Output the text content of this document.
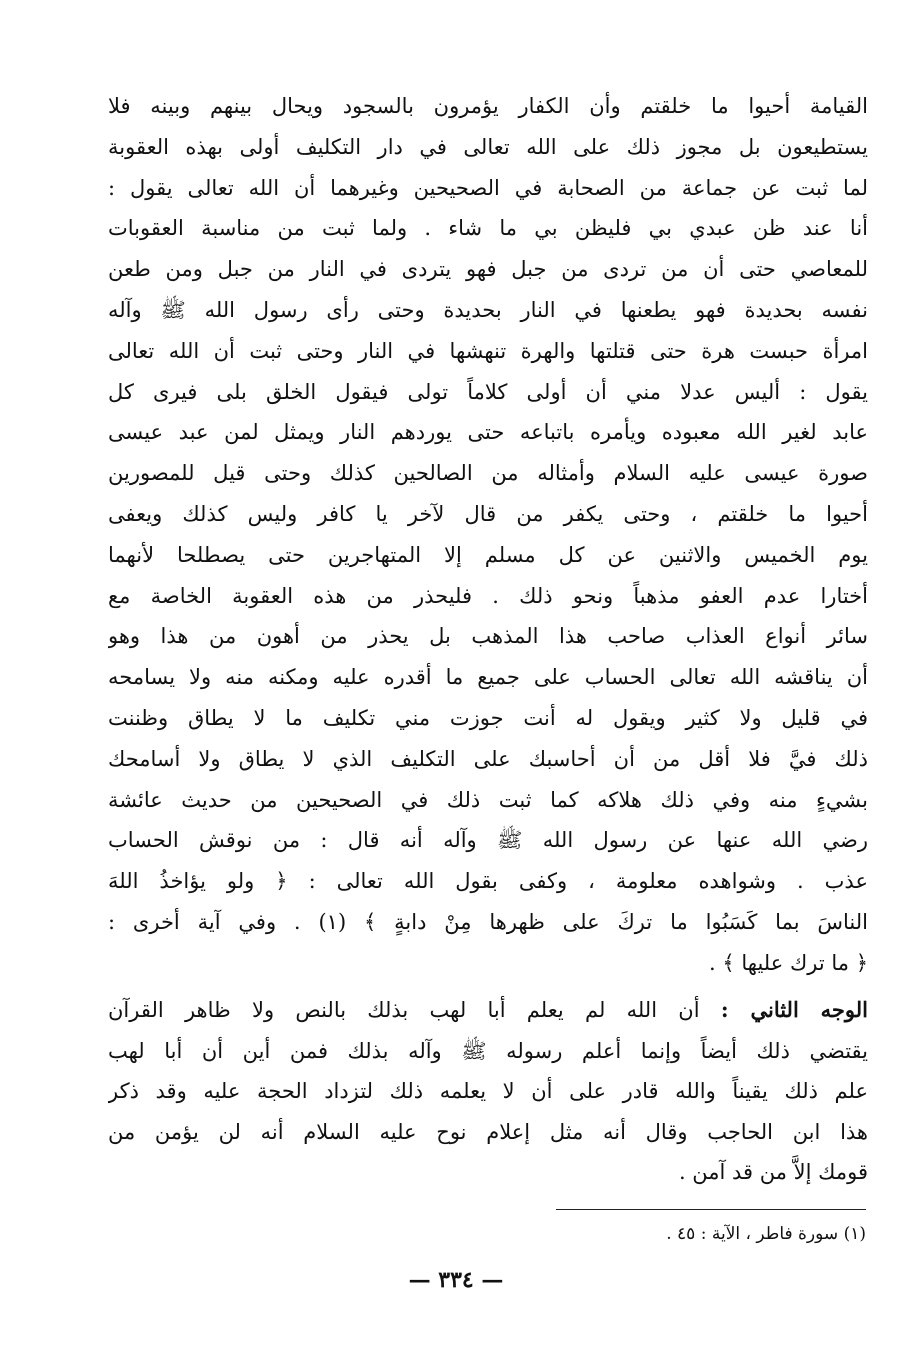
القيامة أحيوا ما خلقتم وأن الكفار يؤمرون بالسجود ويحال بينهم وبينه فلا
يستطيعون بل مجوز ذلك على الله تعالى في دار التكليف أولى بهذه العقوبة
لما ثبت عن جماعة من الصحابة في الصحيحين وغيرهما أن الله تعالى يقول :
أنا عند ظن عبدي بي فليظن بي ما شاء . ولما ثبت من مناسبة العقوبات
للمعاصي حتى أن من تردى من جبل فهو يتردى في النار من جبل ومن طعن
نفسه بحديدة فهو يطعنها في النار بحديدة وحتى رأى رسول الله ﷺ وآله
امرأة حبست هرة حتى قتلتها والهرة تنهشها في النار وحتى ثبت أن الله تعالى
يقول : أليس عدلا مني أن أولى كلاماً تولى فيقول الخلق بلى فيرى كل
عابد لغير الله معبوده ويأمره باتباعه حتى يوردهم النار ويمثل لمن عبد عيسى
صورة عيسى عليه السلام وأمثاله من الصالحين كذلك وحتى قيل للمصورين
أحيوا ما خلقتم ، وحتى يكفر من قال لآخر يا كافر وليس كذلك ويعفى
يوم الخميس والاثنين عن كل مسلم إلا المتهاجرين حتى يصطلحا لأنهما
أختارا عدم العفو مذهباً ونحو ذلك . فليحذر من هذه العقوبة الخاصة مع
سائر أنواع العذاب صاحب هذا المذهب بل يحذر من أهون من هذا وهو
أن يناقشه الله تعالى الحساب على جميع ما أقدره عليه ومكنه منه ولا يسامحه
في قليل ولا كثير ويقول له أنت جوزت مني تكليف ما لا يطاق وظننت
ذلك فيَّ فلا أقل من أن أحاسبك على التكليف الذي لا يطاق ولا أسامحك
بشيءٍ منه وفي ذلك هلاكه كما ثبت ذلك في الصحيحين من حديث عائشة
رضي الله عنها عن رسول الله ﷺ وآله أنه قال : من نوقش الحساب
عذب . وشواهده معلومة ، وكفى بقول الله تعالى : ﴿ ولو يؤاخذُ اللهَ
الناسَ بما كَسَبُوا ما تركَ على ظهرها مِنْ دابةٍ ﴾ (١) . وفي آية أخرى :
﴿ ما ترك عليها ﴾ .
الوجه الثاني : أن الله لم يعلم أبا لهب بذلك بالنص ولا ظاهر القرآن
يقتضي ذلك أيضاً وإنما أعلم رسوله ﷺ وآله بذلك فمن أين أن أبا لهب
علم ذلك يقيناً والله قادر على أن لا يعلمه ذلك لتزداد الحجة عليه وقد ذكر
هذا ابن الحاجب وقال أنه مثل إعلام نوح عليه السلام أنه لن يؤمن من
قومك إلاَّ من قد آمن .
(١) سورة فاطر ، الآية : ٤٥ .
— ٣٣٤ —
